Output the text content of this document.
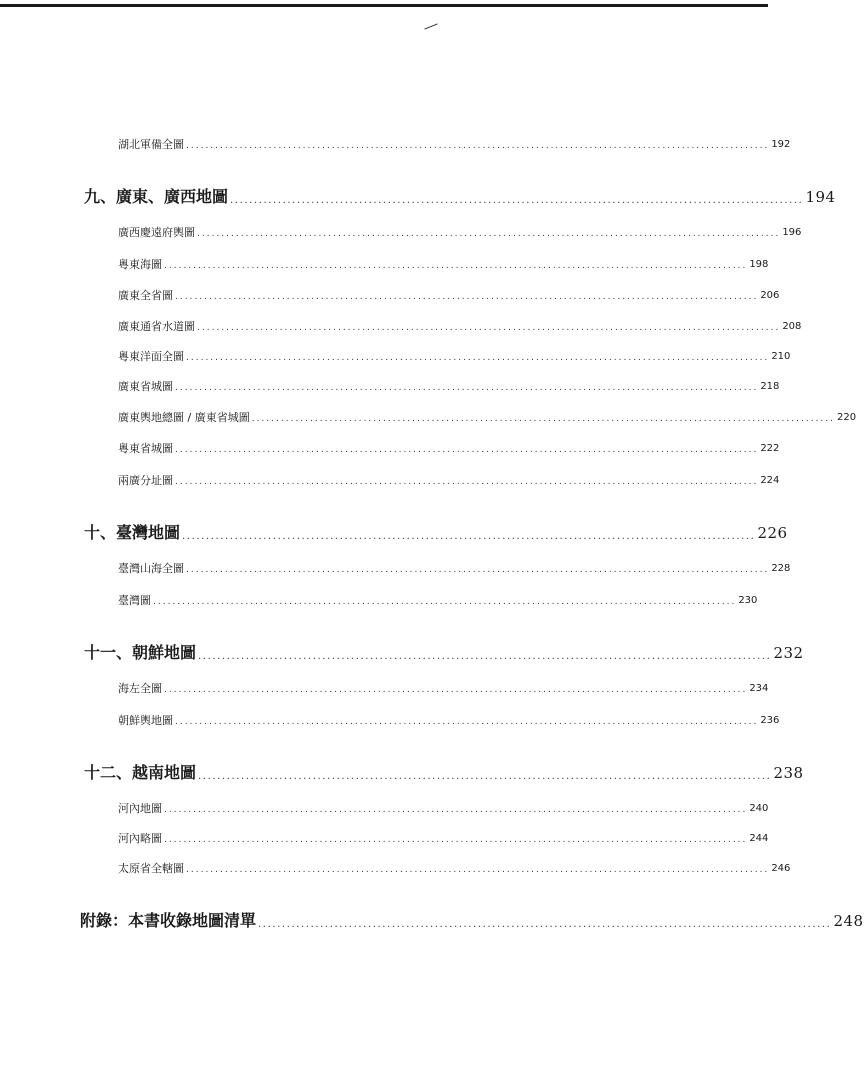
湖北軍備全圖 ........................................................................................................................ 192
九、廣東、廣西地圖 ........................................................................................................................ 194
廣西慶遠府輿圖 ........................................................................................................................ 196
粵東海圖 ........................................................................................................................ 198
廣東全省圖 ........................................................................................................................ 206
廣東通省水道圖 ........................................................................................................................ 208
粵東洋面全圖 ........................................................................................................................ 210
廣東省城圖 ........................................................................................................................ 218
廣東輿地總圖 / 廣東省城圖 ........................................................................................................................ 220
粵東省城圖 ........................................................................................................................ 222
兩廣分址圖 ........................................................................................................................ 224
十、臺灣地圖 ........................................................................................................................ 226
臺灣山海全圖 ........................................................................................................................ 228
臺灣圖 ........................................................................................................................ 230
十一、朝鮮地圖 ........................................................................................................................ 232
海左全圖 ........................................................................................................................ 234
朝鮮輿地圖 ........................................................................................................................ 236
十二、越南地圖 ........................................................................................................................ 238
河內地圖 ........................................................................................................................ 240
河內略圖 ........................................................................................................................ 244
太原省全轄圖 ........................................................................................................................ 246
附錄：本書收錄地圖清單 ........................................................................................................................ 248
